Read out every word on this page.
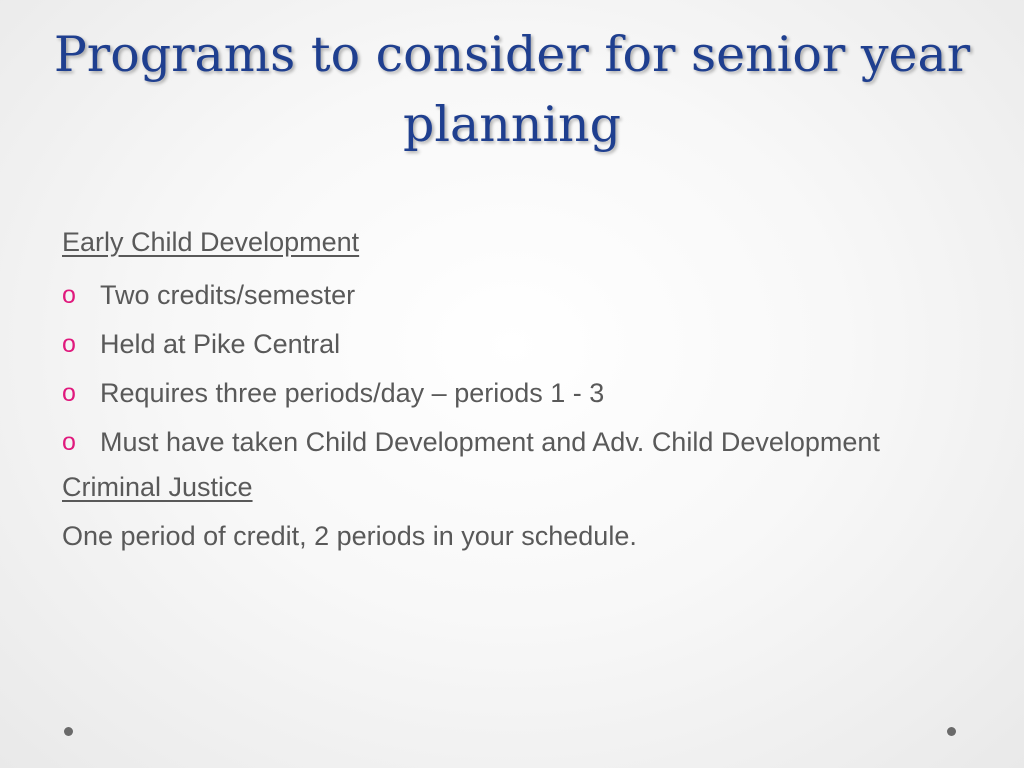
Programs to consider for senior year planning
Early Child Development
o Two credits/semester
o Held at Pike Central
o Requires three periods/day – periods 1 - 3
o Must have taken Child Development and Adv. Child Development
Criminal Justice
One period of credit, 2 periods in your schedule.
